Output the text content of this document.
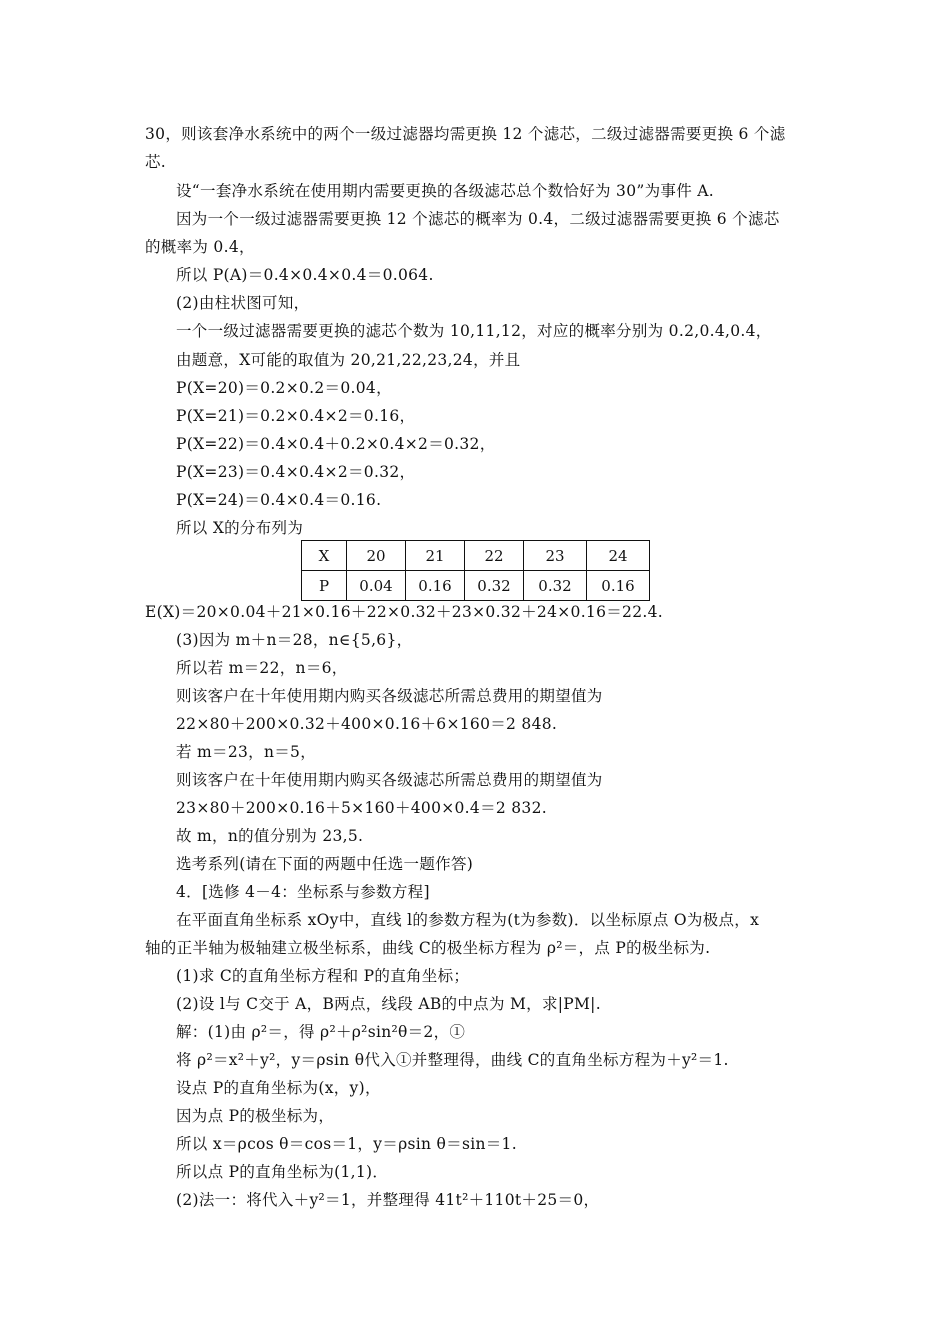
30，则该套净水系统中的两个一级过滤器均需更换 12 个滤芯，二级过滤器需要更换 6 个滤
芯.
设“一套净水系统在使用期内需要更换的各级滤芯总个数恰好为 30”为事件 A.
因为一个一级过滤器需要更换 12 个滤芯的概率为 0.4，二级过滤器需要更换 6 个滤芯
的概率为 0.4，
所以 P(A)＝0.4×0.4×0.4＝0.064.
(2)由柱状图可知，
一个一级过滤器需要更换的滤芯个数为 10,11,12，对应的概率分别为 0.2,0.4,0.4，
由题意，X可能的取值为 20,21,22,23,24，并且
P(X=20)＝0.2×0.2＝0.04，
P(X=21)＝0.2×0.4×2＝0.16，
P(X=22)＝0.4×0.4＋0.2×0.4×2＝0.32，
P(X=23)＝0.4×0.4×2＝0.32，
P(X=24)＝0.4×0.4＝0.16.
所以 X的分布列为
X	20	21	22	23	24
P	0.04	0.16	0.32	0.32	0.16
E(X)＝20×0.04＋21×0.16＋22×0.32＋23×0.32＋24×0.16＝22.4.
(3)因为 m＋n＝28，n∈{5,6}，
所以若 m＝22，n＝6，
则该客户在十年使用期内购买各级滤芯所需总费用的期望值为
22×80＋200×0.32＋400×0.16＋6×160＝2 848.
若 m＝23，n＝5，
则该客户在十年使用期内购买各级滤芯所需总费用的期望值为
23×80＋200×0.16＋5×160＋400×0.4＝2 832.
故 m，n的值分别为 23,5.
选考系列(请在下面的两题中任选一题作答)
4．[选修 4－4：坐标系与参数方程]
在平面直角坐标系 xOy中，直线 l的参数方程为(t为参数)．以坐标原点 O为极点，x
轴的正半轴为极轴建立极坐标系，曲线 C的极坐标方程为 ρ²＝，点 P的极坐标为.
(1)求 C的直角坐标方程和 P的直角坐标；
(2)设 l与 C交于 A，B两点，线段 AB的中点为 M，求|PM|.
解：(1)由 ρ²＝，得 ρ²＋ρ²sin²θ＝2，①
将 ρ²＝x²＋y²，y＝ρsin θ代入①并整理得，曲线 C的直角坐标方程为＋y²＝1.
设点 P的直角坐标为(x，y)，
因为点 P的极坐标为，
所以 x＝ρcos θ＝cos＝1，y＝ρsin θ＝sin＝1.
所以点 P的直角坐标为(1,1)．
(2)法一：将代入＋y²＝1，并整理得 41t²＋110t＋25＝0，
